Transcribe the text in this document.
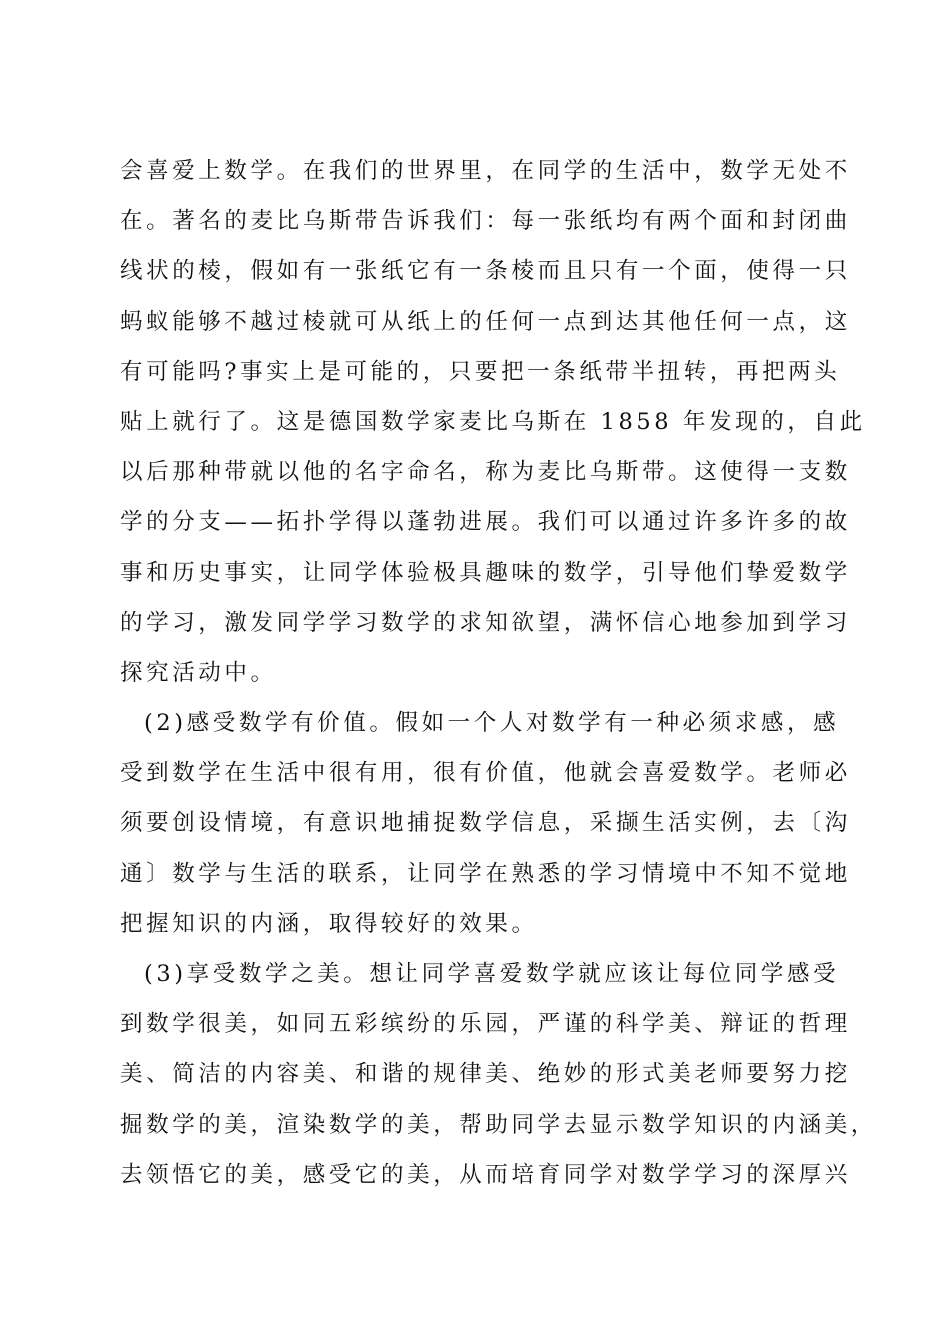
会喜爱上数学。在我们的世界里，在同学的生活中，数学无处不
在。著名的麦比乌斯带告诉我们：每一张纸均有两个面和封闭曲
线状的棱，假如有一张纸它有一条棱而且只有一个面，使得一只
蚂蚁能够不越过棱就可从纸上的任何一点到达其他任何一点，这
有可能吗?事实上是可能的，只要把一条纸带半扭转，再把两头
贴上就行了。这是德国数学家麦比乌斯在 1858 年发现的，自此
以后那种带就以他的名字命名，称为麦比乌斯带。这使得一支数
学的分支——拓扑学得以蓬勃进展。我们可以通过许多许多的故
事和历史事实，让同学体验极具趣味的数学，引导他们挚爱数学
的学习，激发同学学习数学的求知欲望，满怀信心地参加到学习
探究活动中。
(2)感受数学有价值。假如一个人对数学有一种必须求感，感
受到数学在生活中很有用，很有价值，他就会喜爱数学。老师必
须要创设情境，有意识地捕捉数学信息，采撷生活实例，去〔沟
通〕数学与生活的联系，让同学在熟悉的学习情境中不知不觉地
把握知识的内涵，取得较好的效果。
(3)享受数学之美。想让同学喜爱数学就应该让每位同学感受
到数学很美，如同五彩缤纷的乐园，严谨的科学美、辩证的哲理
美、简洁的内容美、和谐的规律美、绝妙的形式美老师要努力挖
掘数学的美，渲染数学的美，帮助同学去显示数学知识的内涵美，
去领悟它的美，感受它的美，从而培育同学对数学学习的深厚兴
